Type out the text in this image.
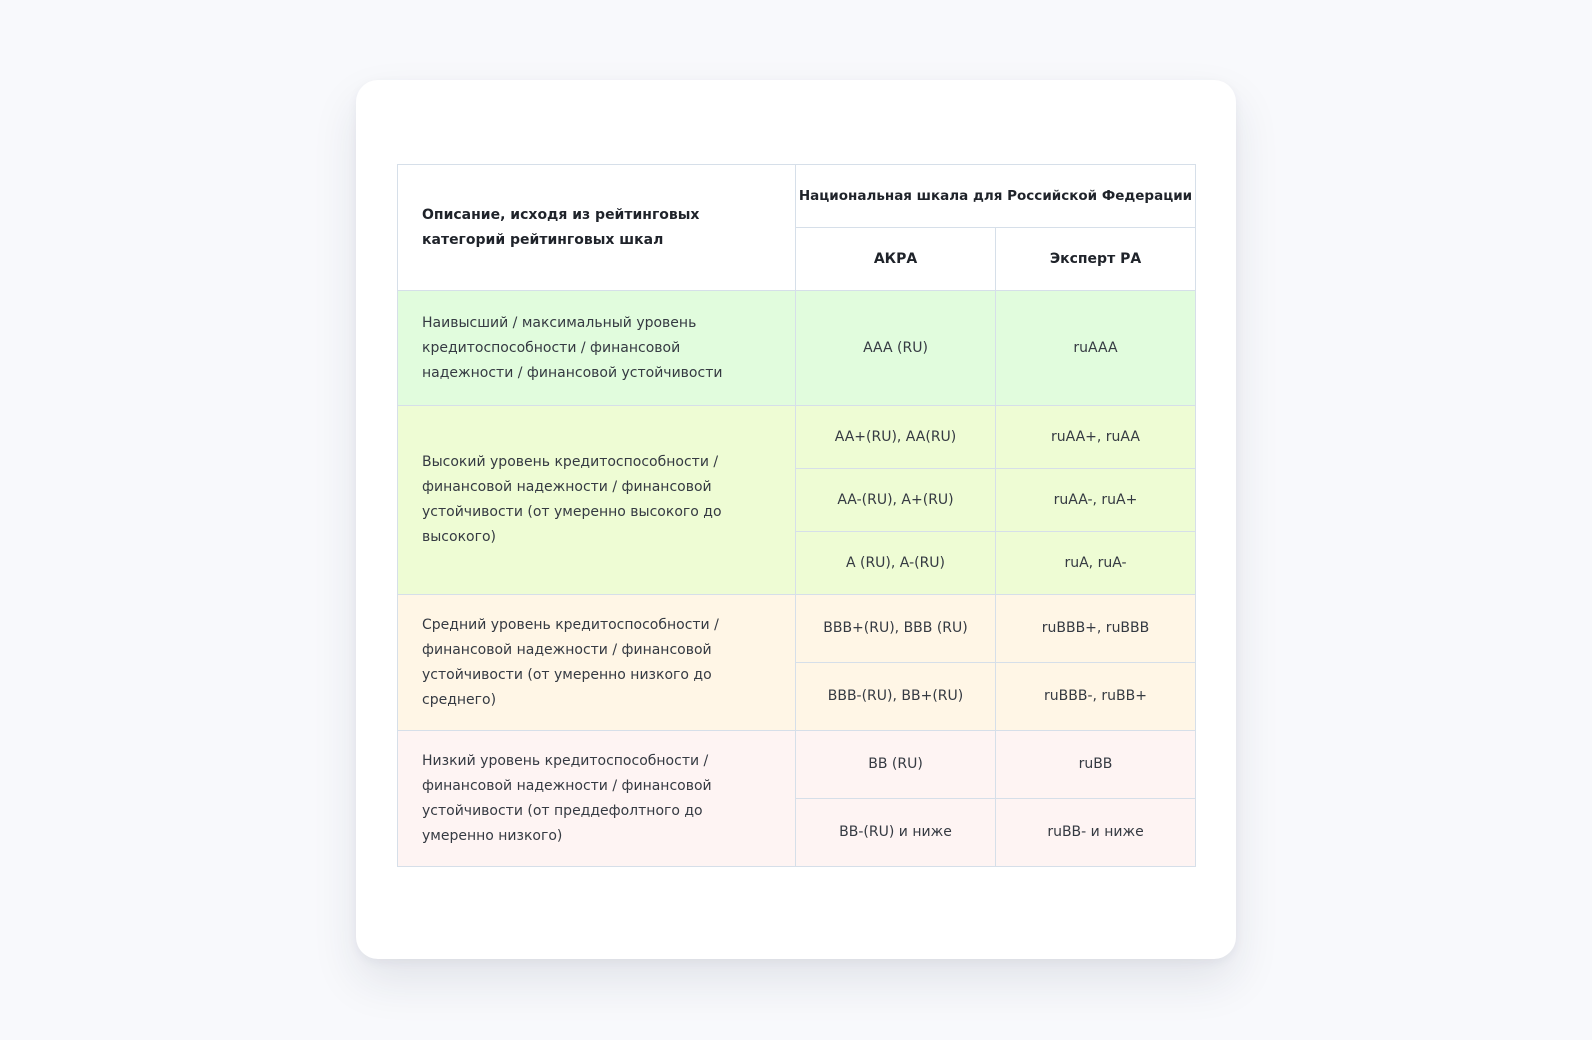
Описание, исходя из рейтинговых категорий рейтинговых шкал	Национальная шкала для Российской Федерации	
	АКРА	Эксперт РА
Наивысший / максимальный уровень кредитоспособности / финансовой надежности / финансовой устойчивости	AAA (RU)	ruAAA
Высокий уровень кредитоспособности / финансовой надежности / финансовой устойчивости (от умеренно высокого до высокого)	AA+(RU), AA(RU)	ruAA+, ruAA
	AA-(RU), A+(RU)	ruAA-, ruA+
	A (RU), A-(RU)	ruA, ruA-
Средний уровень кредитоспособности / финансовой надежности / финансовой устойчивости (от умеренно низкого до среднего)	BBB+(RU), BBB (RU)	ruBBB+, ruBBB
	BBB-(RU), BB+(RU)	ruBBB-, ruBB+
Низкий уровень кредитоспособности / финансовой надежности / финансовой устойчивости (от преддефолтного до умеренно низкого)	BB (RU)	ruBB
	BB-(RU) и ниже	ruBB- и ниже
